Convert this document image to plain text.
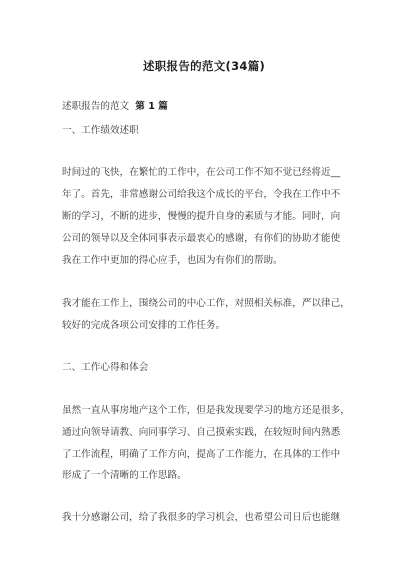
述职报告的范文(34篇)
述职报告的范文 第 1 篇
一、工作绩效述职
时间过的飞快，在繁忙的工作中，在公司工作不知不觉已经将近__
年了。首先，非常感谢公司给我这个成长的平台，令我在工作中不
断的学习，不断的进步，慢慢的提升自身的素质与才能。同时，向
公司的领导以及全体同事表示最衷心的感谢，有你们的协助才能使
我在工作中更加的得心应手，也因为有你们的帮助。
我才能在工作上，围绕公司的中心工作，对照相关标准，严以律己，
较好的完成各项公司安排的工作任务。
二、工作心得和体会
虽然一直从事房地产这个工作，但是我发现要学习的地方还是很多，
通过向领导请教、向同事学习、自己摸索实践，在较短时间内熟悉
了工作流程，明确了工作方向，提高了工作能力，在具体的工作中
形成了一个清晰的工作思路。
我十分感谢公司，给了我很多的学习机会，也希望公司日后也能继
